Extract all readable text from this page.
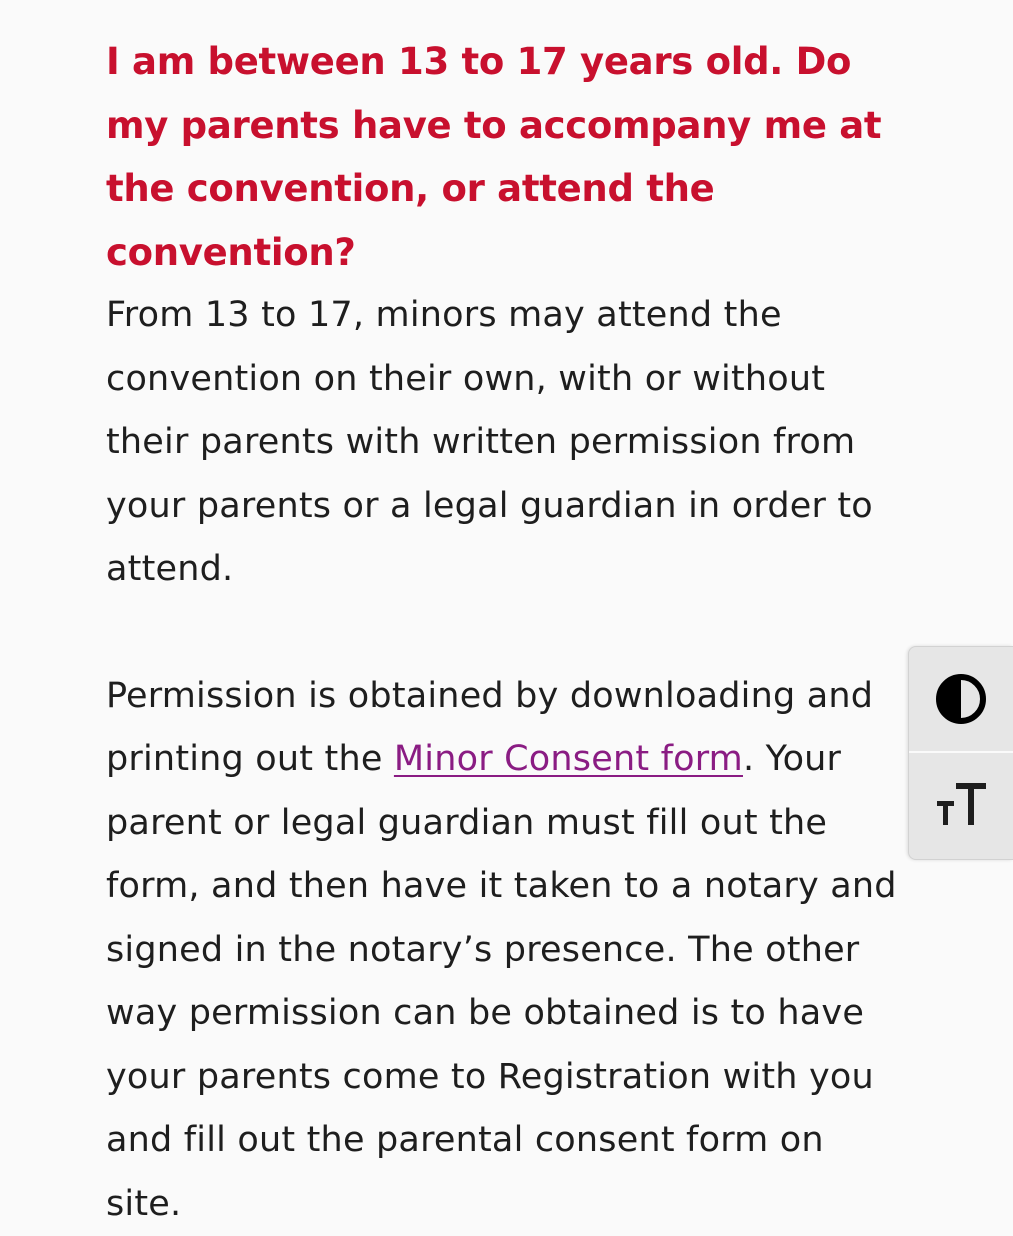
I am between 13 to 17 years old. Do my parents have to accompany me at the convention, or attend the convention?

From 13 to 17, minors may attend the convention on their own, with or without their parents with written permission from your parents or a legal guardian in order to attend.

Permission is obtained by downloading and printing out the Minor Consent form. Your parent or legal guardian must fill out the form, and then have it taken to a notary and signed in the notary’s presence. The other way permission can be obtained is to have your parents come to Registration with you and fill out the parental consent form on site.
